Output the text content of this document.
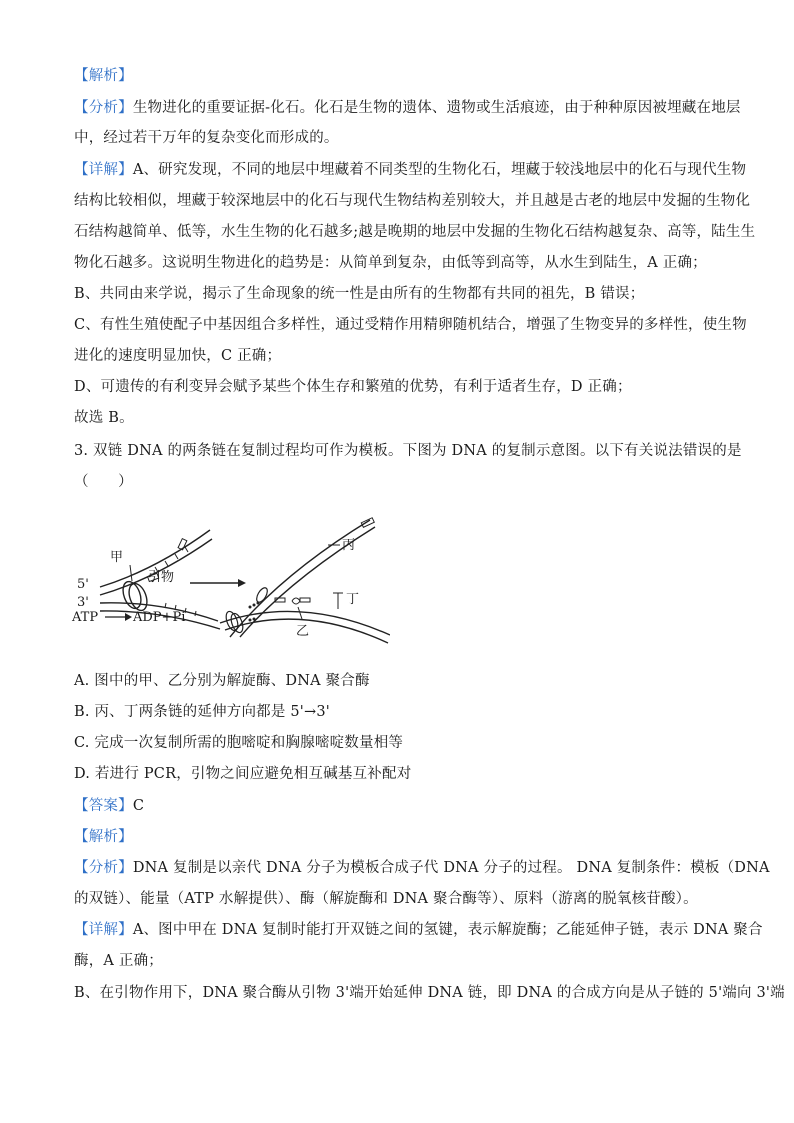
【解析】
【分析】生物进化的重要证据-化石。化石是生物的遗体、遗物或生活痕迹，由于种种原因被埋藏在地层
中，经过若干万年的复杂变化而形成的。
【详解】A、研究发现，不同的地层中埋藏着不同类型的生物化石，埋藏于较浅地层中的化石与现代生物
结构比较相似，埋藏于较深地层中的化石与现代生物结构差别较大，并且越是古老的地层中发掘的生物化
石结构越简单、低等，水生生物的化石越多;越是晚期的地层中发掘的生物化石结构越复杂、高等，陆生生
物化石越多。这说明生物进化的趋势是：从简单到复杂，由低等到高等，从水生到陆生，A 正确；
B、共同由来学说，揭示了生命现象的统一性是由所有的生物都有共同的祖先，B 错误；
C、有性生殖使配子中基因组合多样性，通过受精作用精卵随机结合，增强了生物变异的多样性，使生物
进化的速度明显加快，C 正确；
D、可遗传的有利变异会赋予某些个体生存和繁殖的优势，有利于适者生存，D 正确；
故选 B。
3. 双链 DNA 的两条链在复制过程均可作为模板。下图为 DNA 的复制示意图。以下有关说法错误的是
（　　）
甲
引物
5'
3'
ATP	ADP+Pi
丙
丁
乙
A. 图中的甲、乙分别为解旋酶、DNA 聚合酶
B. 丙、丁两条链的延伸方向都是 5'→3'
C. 完成一次复制所需的胞嘧啶和胸腺嘧啶数量相等
D. 若进行 PCR，引物之间应避免相互碱基互补配对
【答案】C
【解析】
【分析】DNA 复制是以亲代 DNA 分子为模板合成子代 DNA 分子的过程。 DNA 复制条件：模板（DNA
的双链）、能量（ATP 水解提供）、酶（解旋酶和 DNA 聚合酶等）、原料（游离的脱氧核苷酸）。
【详解】A、图中甲在 DNA 复制时能打开双链之间的氢键，表示解旋酶；乙能延伸子链，表示 DNA 聚合
酶，A 正确；
B、在引物作用下，DNA 聚合酶从引物 3'端开始延伸 DNA 链，即 DNA 的合成方向是从子链的 5'端向 3'端
